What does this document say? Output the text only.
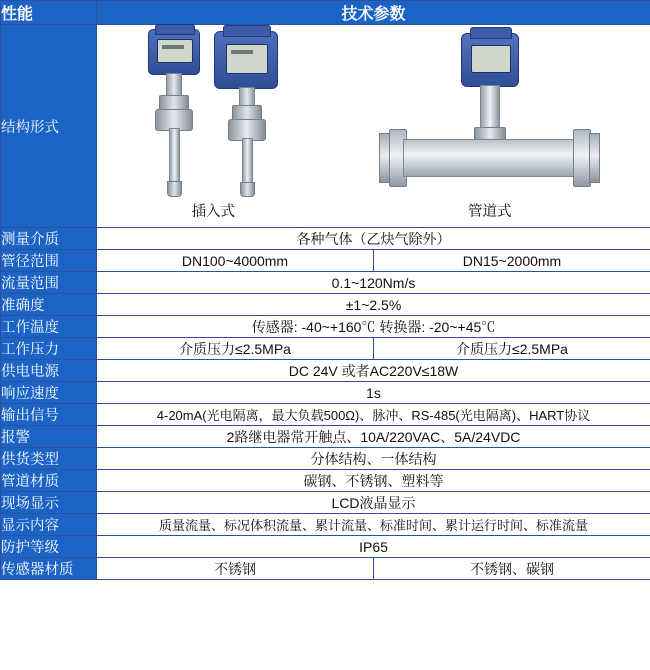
性能	技术参数	
结构形式	插入式 管道式	

测量介质	各种气体（乙炔气除外）	
管径范围	DN100~4000mm	DN15~2000mm
流量范围	0.1~120Nm/s	
准确度	±1~2.5%	
工作温度	传感器: -40~+160℃ 转换器: -20~+45℃	
工作压力	介质压力≤2.5MPa	介质压力≤2.5MPa
供电电源	DC 24V 或者AC220V≤18W	
响应速度	1s	
输出信号	4-20mA(光电隔离，最大负载500Ω)、脉冲、RS-485(光电隔离)、HART协议	
报警	2路继电器常开触点、10A/220VAC、5A/24VDC	
供货类型	分体结构、一体结构	
管道材质	碳钢、不锈钢、塑料等	
现场显示	LCD液晶显示	
显示内容	质量流量、标况体积流量、累计流量、标准时间、累计运行时间、标准流量	
防护等级	IP65	
传感器材质	不锈钢	不锈钢、碳钢
